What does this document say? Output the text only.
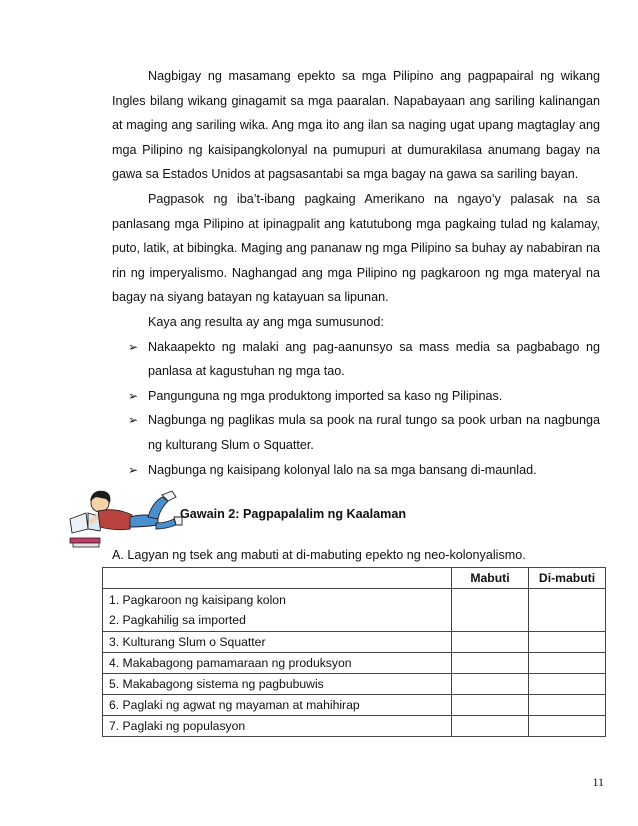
Nagbigay ng masamang epekto sa mga Pilipino ang pagpapairal ng wikang Ingles bilang wikang ginagamit sa mga paaralan. Napabayaan ang sariling kalinangan at maging ang sariling wika. Ang mga ito ang ilan sa naging ugat upang magtaglay ang mga Pilipino ng kaisipangkolonyal na pumupuri at dumurakilasa anumang bagay na gawa sa Estados Unidos at pagsasantabi sa mga bagay na gawa sa sariling bayan.

Pagpasok ng iba’t-ibang pagkaing Amerikano na ngayo’y palasak na sa panlasang mga Pilipino at ipinagpalit ang katutubong mga pagkaing tulad ng kalamay, puto, latik, at bibingka. Maging ang pananaw ng mga Pilipino sa buhay ay nababiran na rin ng imperyalismo. Naghangad ang mga Pilipino ng pagkaroon ng mga materyal na bagay na siyang batayan ng katayuan sa lipunan.

Kaya ang resulta ay ang mga sumusunod:

➢ Nakaapekto ng malaki ang pag-aanunsyo sa mass media sa pagbabago ng panlasa at kagustuhan ng mga tao.
➢ Pangunguna ng mga produktong imported sa kaso ng Pilipinas.
➢ Nagbunga ng paglikas mula sa pook na rural tungo sa pook urban na nagbunga ng kulturang Slum o Squatter.
➢ Nagbunga ng kaisipang kolonyal lalo na sa mga bansang di-maunlad.
Gawain 2: Pagpapalalim ng Kaalaman
A. Lagyan ng tsek ang mabuti at di-mabuting epekto ng neo-kolonyalismo.
	Mabuti	Di-mabuti

1. Pagkaroon ng kaisipang kolon
2. Pagkahilig sa imported		

3. Kulturang Slum o Squatter		
4. Makabagong pamamaraan ng produksyon		
5. Makabagong sistema ng pagbubuwis		
6. Paglaki ng agwat ng mayaman at mahihirap		
7. Paglaki ng populasyon		
11
